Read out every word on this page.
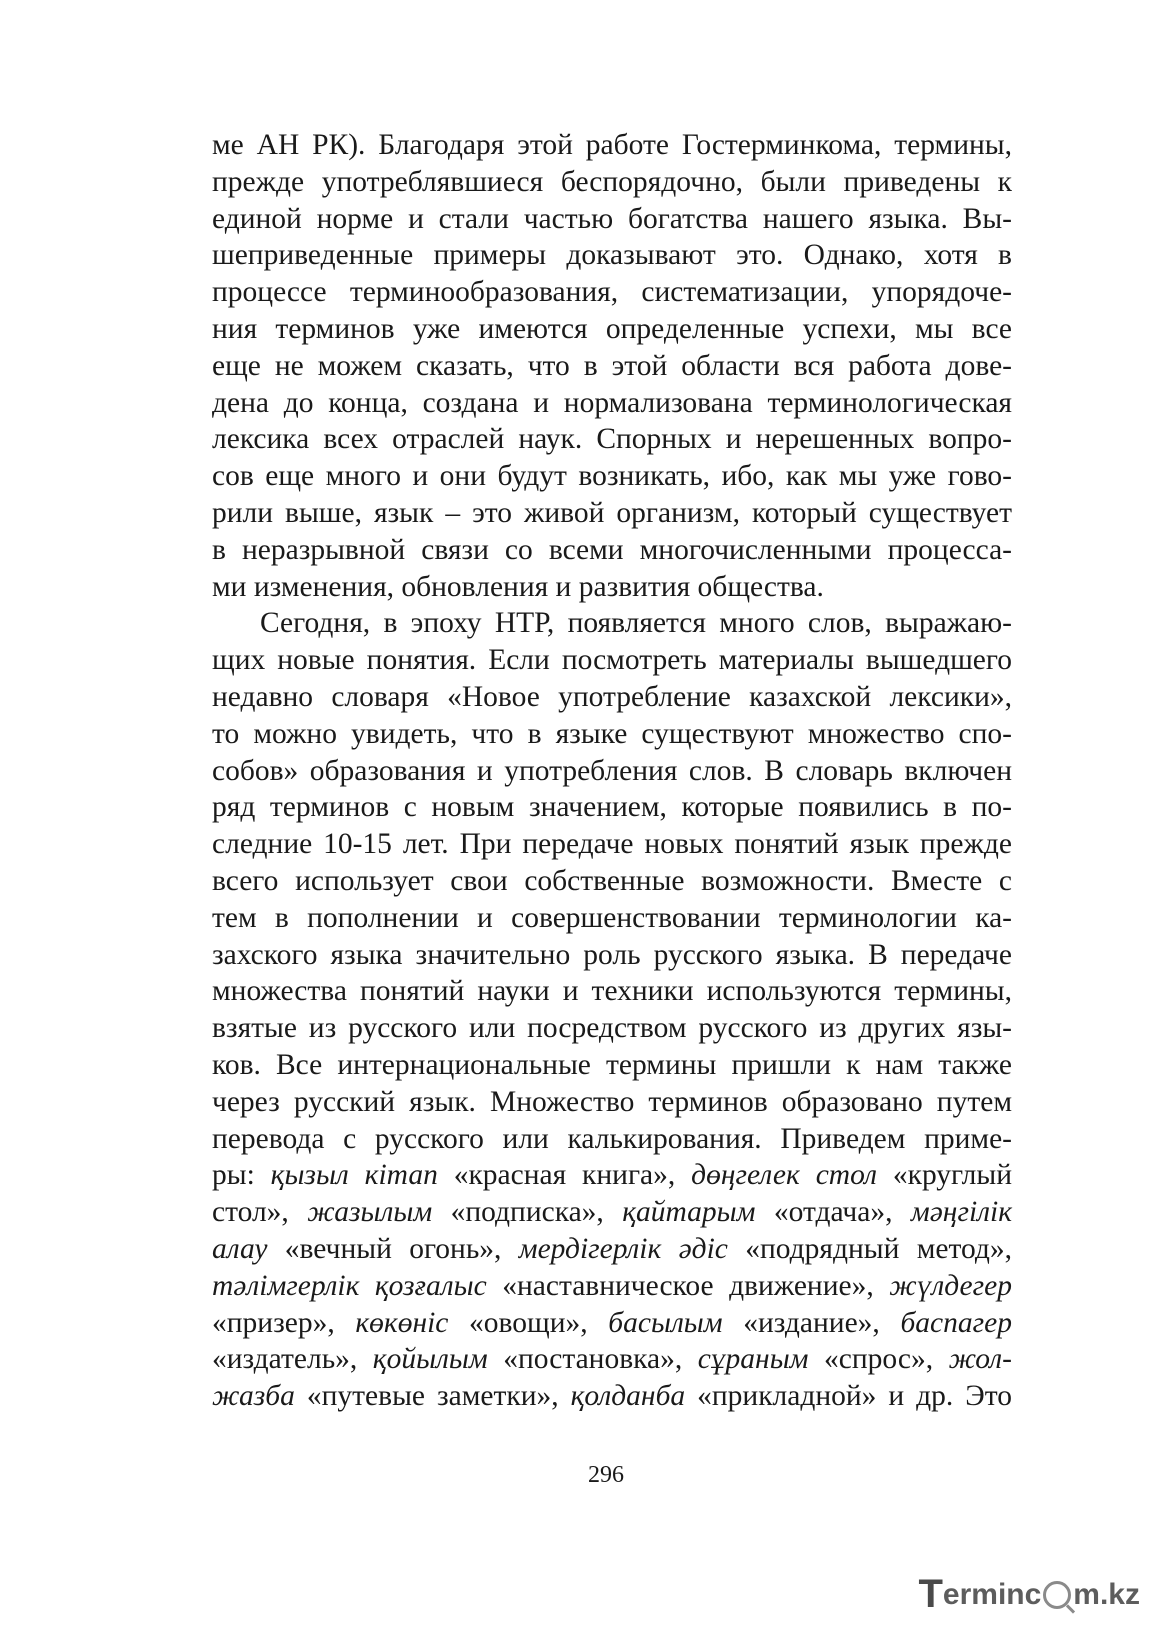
ме АН РК). Благодаря этой работе Гостерминкома, термины,
прежде употреблявшиеся беспорядочно, были приведены к
единой норме и стали частью богатства нашего языка. Вы-
шеприведенные примеры доказывают это. Однако, хотя в
процессе терминообразования, систематизации, упорядоче-
ния терминов уже имеются определенные успехи, мы все
еще не можем сказать, что в этой области вся работа дове-
дена до конца, создана и нормализована терминологическая
лексика всех отраслей наук. Спорных и нерешенных вопро-
сов еще много и они будут возникать, ибо, как мы уже гово-
рили выше, язык – это живой организм, который существует
в неразрывной связи со всеми многочисленными процесса-
ми изменения, обновления и развития общества.
Сегодня, в эпоху НТР, появляется много слов, выражаю-
щих новые понятия. Если посмотреть материалы вышедшего
недавно словаря «Новое употребление казахской лексики»,
то можно увидеть, что в языке существуют множество спо-
собов» образования и употребления слов. В словарь включен
ряд терминов с новым значением, которые появились в по-
следние 10-15 лет. При передаче новых понятий язык прежде
всего использует свои собственные возможности. Вместе с
тем в пополнении и совершенствовании терминологии ка-
захского языка значительно роль русского языка. В передаче
множества понятий науки и техники используются термины,
взятые из русского или посредством русского из других язы-
ков. Все интернациональные термины пришли к нам также
через русский язык. Множество терминов образовано путем
перевода с русского или калькирования. Приведем приме-
ры: қызыл кітап «красная книга», дөңгелек стол «круглый
стол», жазылым «подписка», қайтарым «отдача», мәңгілік
алау «вечный огонь», мердігерлік әдіс «подрядный метод»,
тәлімгерлік қозғалыс «наставническое движение», жүлдегер
«призер», көкөніс «овощи», басылым «издание», баспагер
«издатель», қойылым «постановка», сұраным «спрос», жол-
жазба «путевые заметки», қолданба «прикладной» и др. Это
296
T erminc m.kz
